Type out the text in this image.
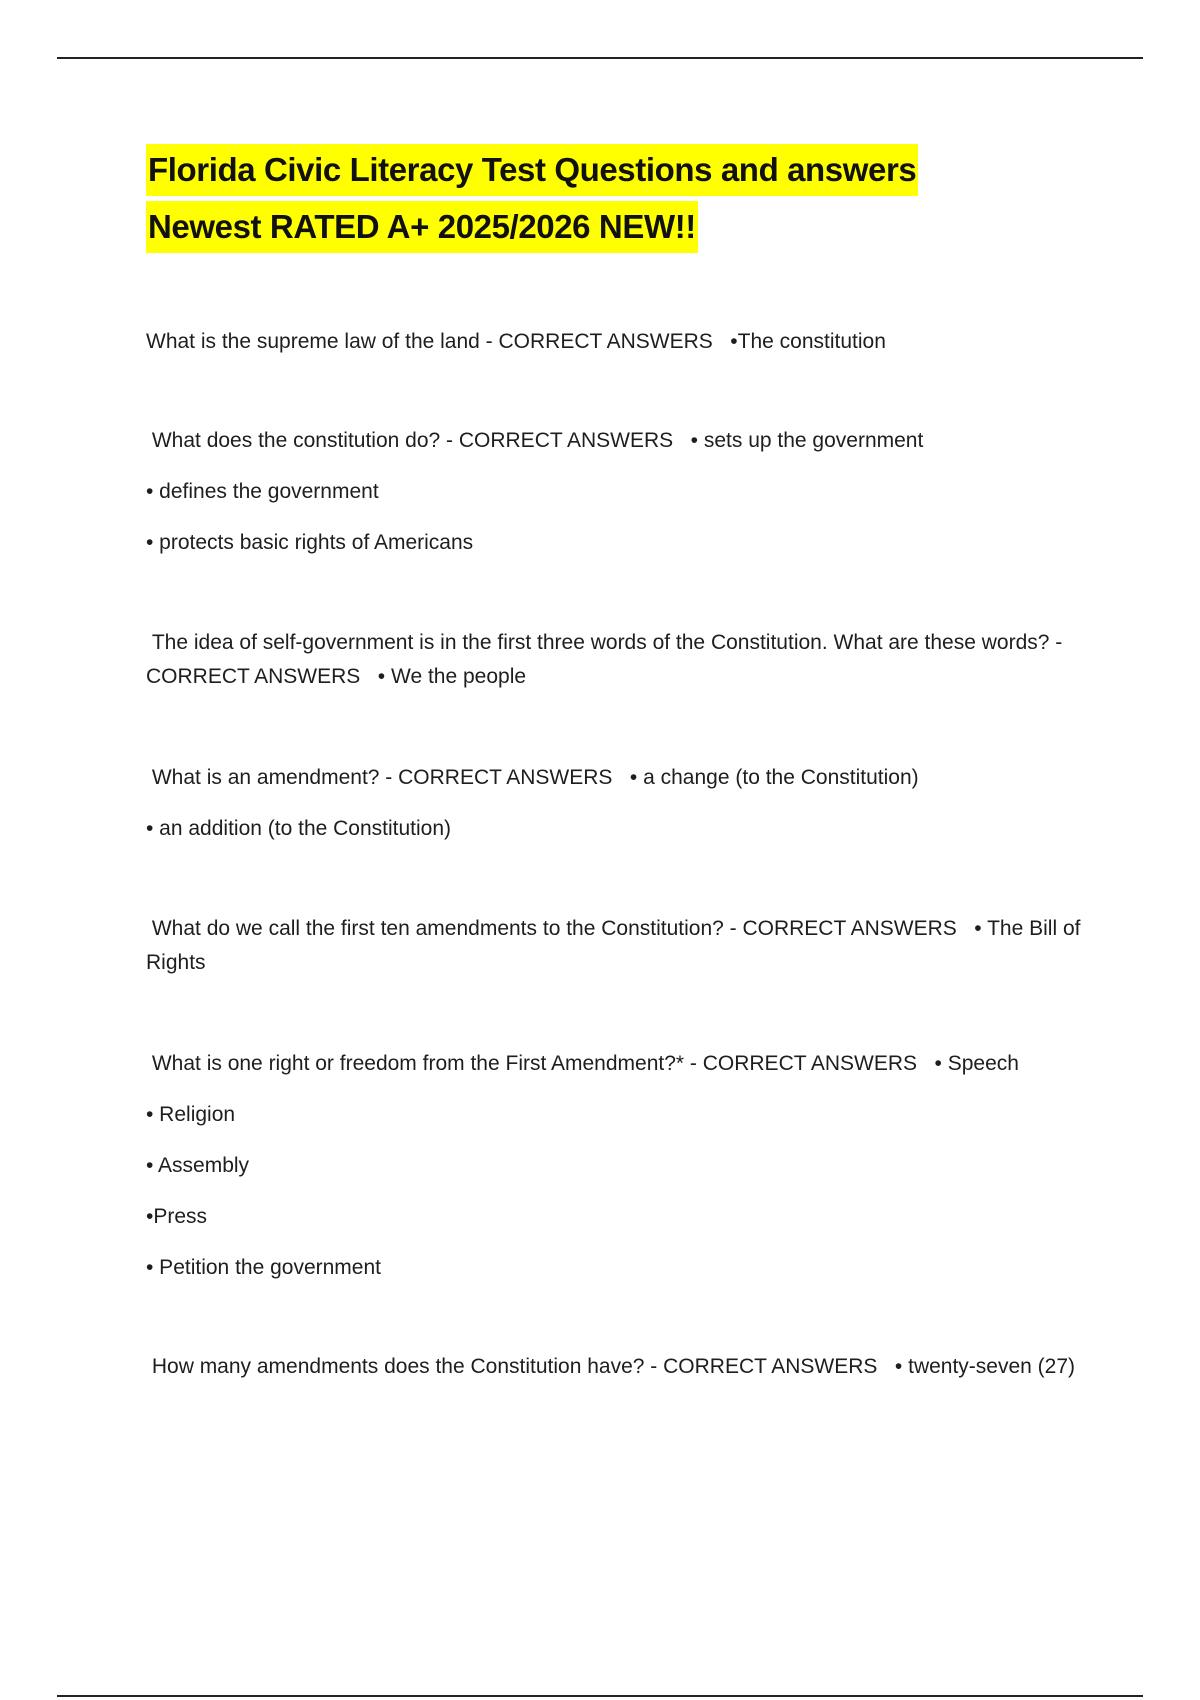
Florida Civic Literacy Test Questions and answers
Newest RATED A+ 2025/2026 NEW!!

What is the supreme law of the land - CORRECT ANSWERS   •The constitution

What does the constitution do? - CORRECT ANSWERS   • sets up the government

• defines the government

• protects basic rights of Americans

The idea of self-government is in the first three words of the Constitution. What are these words? - CORRECT ANSWERS   • We the people

What is an amendment? - CORRECT ANSWERS   • a change (to the Constitution)

• an addition (to the Constitution)

What do we call the first ten amendments to the Constitution? - CORRECT ANSWERS   • The Bill of Rights

What is one right or freedom from the First Amendment?* - CORRECT ANSWERS   • Speech

• Religion

• Assembly

•Press

• Petition the government

How many amendments does the Constitution have? - CORRECT ANSWERS   • twenty-seven (27)
